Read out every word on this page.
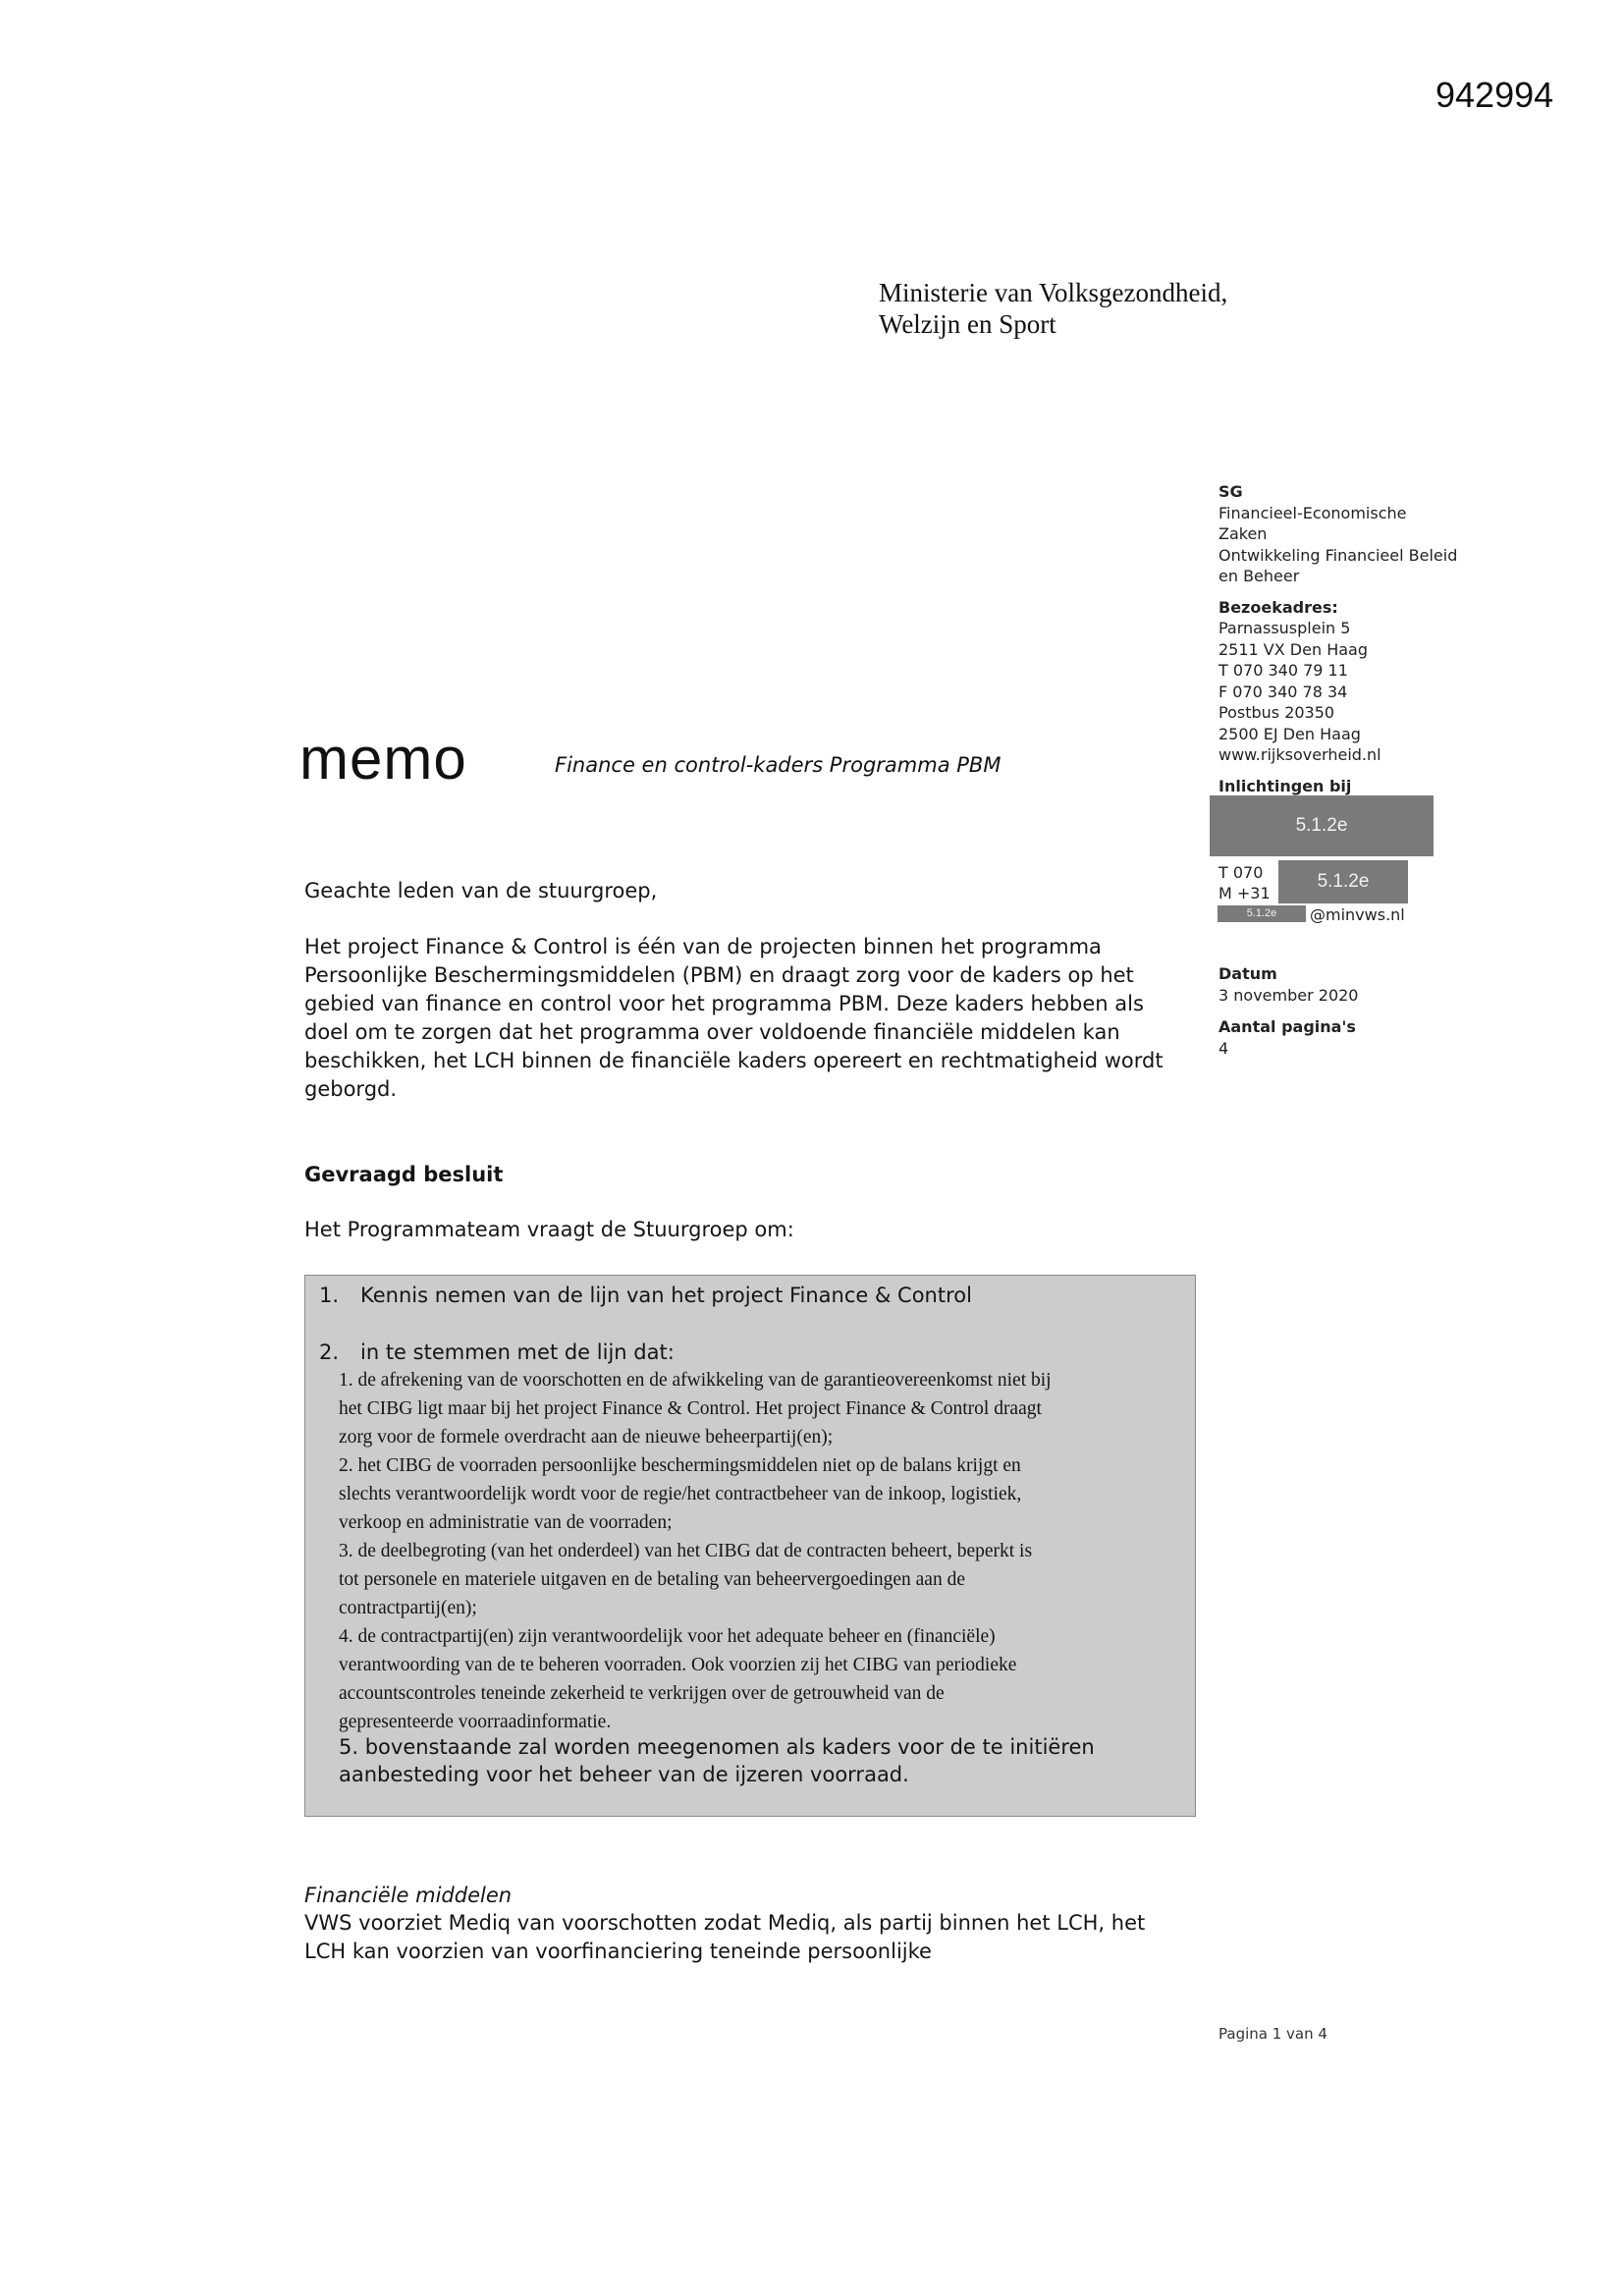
942994
Ministerie van Volksgezondheid,
Welzijn en Sport
SG
Financieel-Economische
Zaken
Ontwikkeling Financieel Beleid
en Beheer
Bezoekadres:
Parnassusplein 5
2511 VX Den Haag
T 070 340 79 11
F 070 340 78 34
Postbus 20350
2500 EJ Den Haag
www.rijksoverheid.nl
Inlichtingen bij
5.1.2e
T 070
M +31
5.1.2e
5.1.2e	@minvws.nl
Datum
3 november 2020
Aantal pagina's
4
memo	Finance en control-kaders Programma PBM
Geachte leden van de stuurgroep,
Het project Finance & Control is één van de projecten binnen het programma
Persoonlijke Beschermingsmiddelen (PBM) en draagt zorg voor de kaders op het
gebied van finance en control voor het programma PBM. Deze kaders hebben als
doel om te zorgen dat het programma over voldoende financiële middelen kan
beschikken, het LCH binnen de financiële kaders opereert en rechtmatigheid wordt
geborgd.
Gevraagd besluit
Het Programmateam vraagt de Stuurgroep om:
1. Kennis nemen van de lijn van het project Finance & Control
2. in te stemmen met de lijn dat:
1. de afrekening van de voorschotten en de afwikkeling van de garantieovereenkomst niet bij
het CIBG ligt maar bij het project Finance & Control. Het project Finance & Control draagt
zorg voor de formele overdracht aan de nieuwe beheerpartij(en);
2. het CIBG de voorraden persoonlijke beschermingsmiddelen niet op de balans krijgt en
slechts verantwoordelijk wordt voor de regie/het contractbeheer van de inkoop, logistiek,
verkoop en administratie van de voorraden;
3. de deelbegroting (van het onderdeel) van het CIBG dat de contracten beheert, beperkt is
tot personele en materiele uitgaven en de betaling van beheervergoedingen aan de
contractpartij(en);
4. de contractpartij(en) zijn verantwoordelijk voor het adequate beheer en (financiële)
verantwoording van de te beheren voorraden. Ook voorzien zij het CIBG van periodieke
accountscontroles teneinde zekerheid te verkrijgen over de getrouwheid van de
gepresenteerde voorraadinformatie.
5. bovenstaande zal worden meegenomen als kaders voor de te initiëren
aanbesteding voor het beheer van de ijzeren voorraad.
Financiële middelen
VWS voorziet Mediq van voorschotten zodat Mediq, als partij binnen het LCH, het
LCH kan voorzien van voorfinanciering teneinde persoonlijke
Pagina 1 van 4
